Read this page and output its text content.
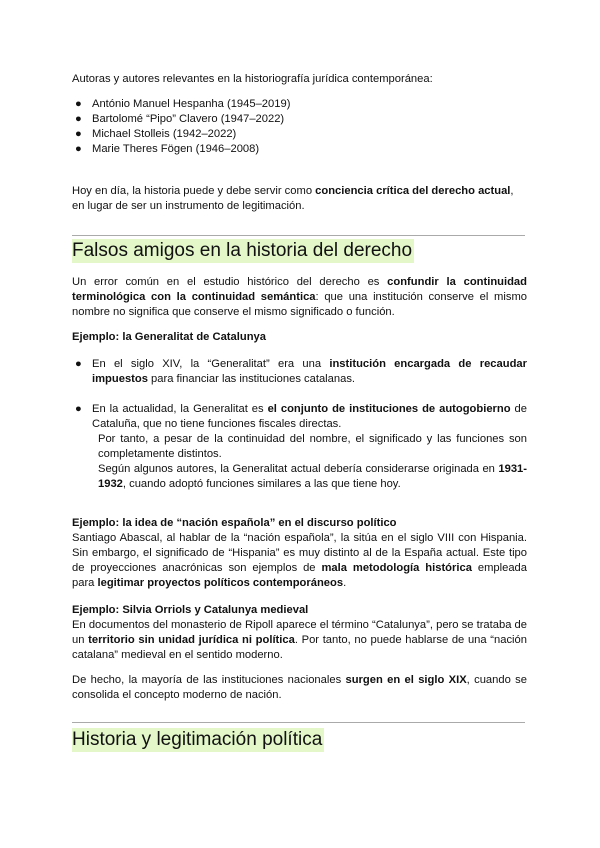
Autoras y autores relevantes en la historiografía jurídica contemporánea:

● António Manuel Hespanha (1945–2019)
● Bartolomé “Pipo” Clavero (1947–2022)
● Michael Stolleis (1942–2022)
● Marie Theres Fögen (1946–2008)

Hoy en día, la historia puede y debe servir como conciencia crítica del derecho actual, en lugar de ser un instrumento de legitimación.

Falsos amigos en la historia del derecho

Un error común en el estudio histórico del derecho es confundir la continuidad terminológica con la continuidad semántica: que una institución conserve el mismo nombre no significa que conserve el mismo significado o función.

Ejemplo: la Generalitat de Catalunya

● En el siglo XIV, la “Generalitat” era una institución encargada de recaudar impuestos para financiar las instituciones catalanas.
● En la actualidad, la Generalitat es el conjunto de instituciones de autogobierno de Cataluña, que no tiene funciones fiscales directas.
Por tanto, a pesar de la continuidad del nombre, el significado y las funciones son completamente distintos.
Según algunos autores, la Generalitat actual debería considerarse originada en 1931-1932, cuando adoptó funciones similares a las que tiene hoy.

Ejemplo: la idea de “nación española” en el discurso político

Santiago Abascal, al hablar de la “nación española”, la sitúa en el siglo VIII con Hispania. Sin embargo, el significado de “Hispania” es muy distinto al de la España actual. Este tipo de proyecciones anacrónicas son ejemplos de mala metodología histórica empleada para legitimar proyectos políticos contemporáneos.

Ejemplo: Silvia Orriols y Catalunya medieval

En documentos del monasterio de Ripoll aparece el término “Catalunya”, pero se trataba de un territorio sin unidad jurídica ni política. Por tanto, no puede hablarse de una “nación catalana” medieval en el sentido moderno.

De hecho, la mayoría de las instituciones nacionales surgen en el siglo XIX, cuando se consolida el concepto moderno de nación.

Historia y legitimación política
